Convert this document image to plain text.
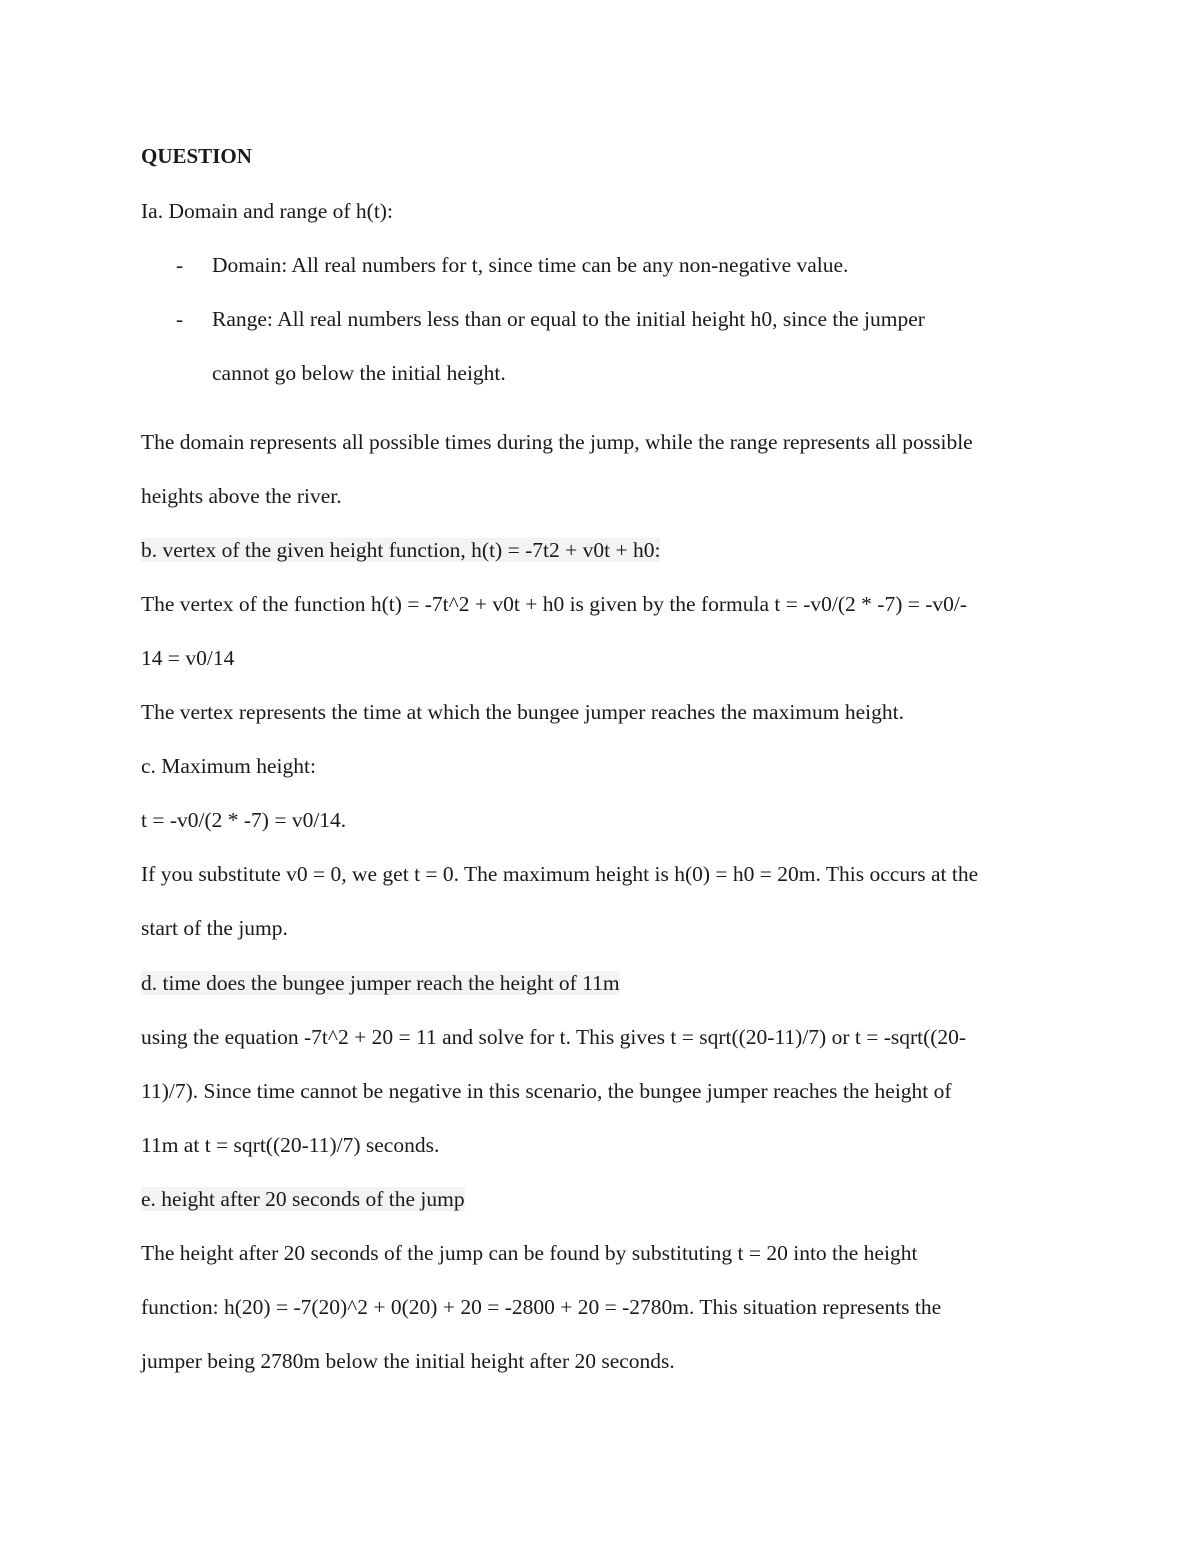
QUESTION
Ia. Domain and range of h(t):
- Domain: All real numbers for t, since time can be any non-negative value.
- Range: All real numbers less than or equal to the initial height h0, since the jumper
cannot go below the initial height.
The domain represents all possible times during the jump, while the range represents all possible
heights above the river.
b. vertex of the given height function, h(t) = -7t2 + v0t + h0:
The vertex of the function h(t) = -7t^2 + v0t + h0 is given by the formula t = -v0/(2 * -7) = -v0/-
14 = v0/14
The vertex represents the time at which the bungee jumper reaches the maximum height.
c. Maximum height:
t = -v0/(2 * -7) = v0/14.
If you substitute v0 = 0, we get t = 0. The maximum height is h(0) = h0 = 20m. This occurs at the
start of the jump.
d. time does the bungee jumper reach the height of 11m
using the equation -7t^2 + 20 = 11 and solve for t. This gives t = sqrt((20-11)/7) or t = -sqrt((20-
11)/7). Since time cannot be negative in this scenario, the bungee jumper reaches the height of
11m at t = sqrt((20-11)/7) seconds.
e. height after 20 seconds of the jump
The height after 20 seconds of the jump can be found by substituting t = 20 into the height
function: h(20) = -7(20)^2 + 0(20) + 20 = -2800 + 20 = -2780m. This situation represents the
jumper being 2780m below the initial height after 20 seconds.
